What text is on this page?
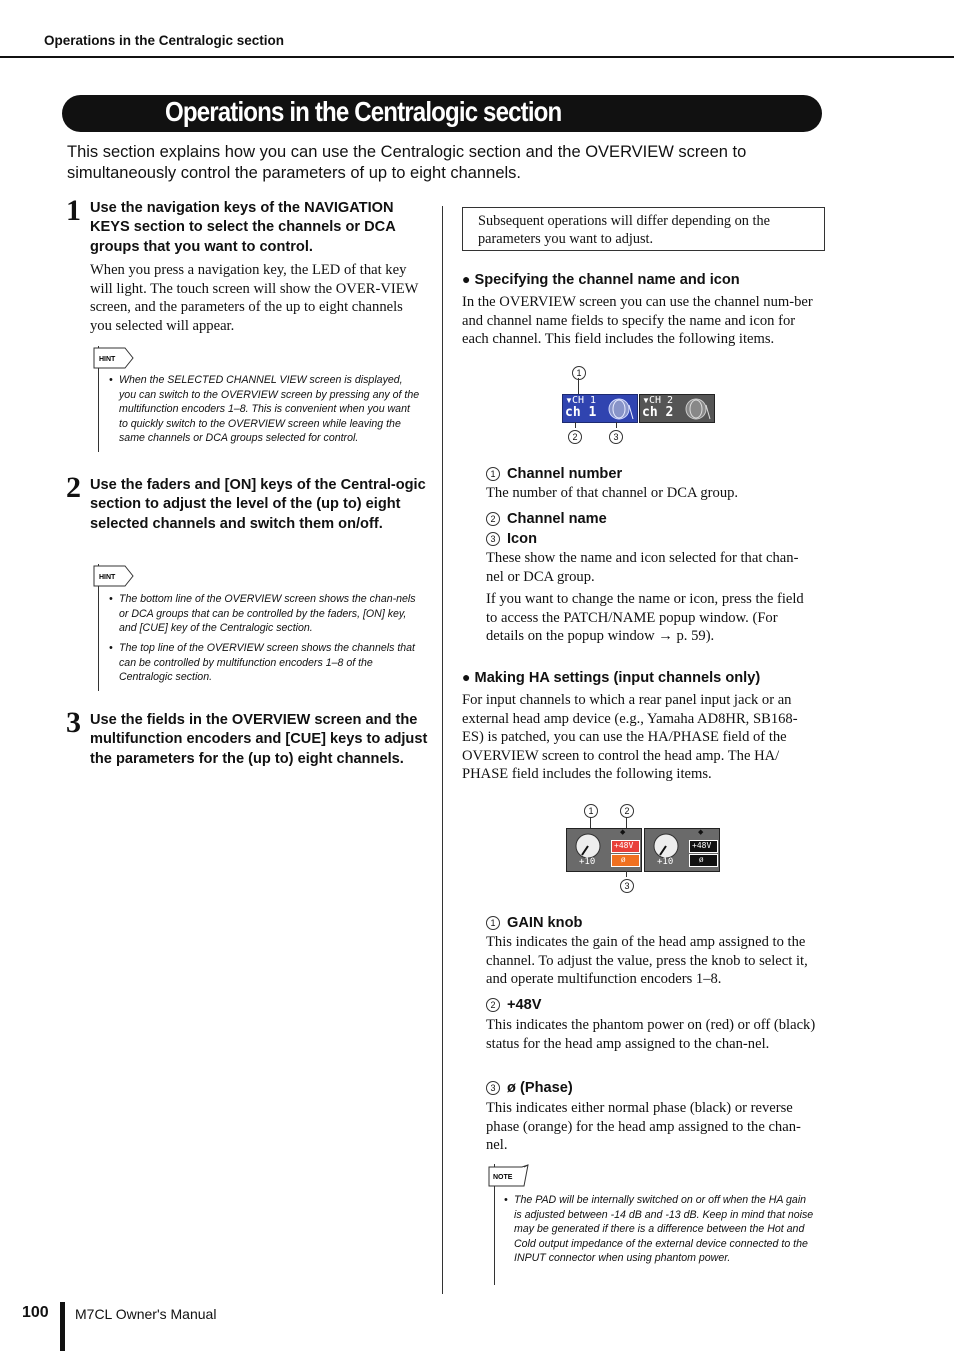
Operations in the Centralogic section
Operations in the Centralogic section
This section explains how you can use the Centralogic section and the OVERVIEW screen to simultaneously control the parameters of up to eight channels.
1 Use the navigation keys of the NAVIGATION KEYS section to select the channels or DCA groups that you want to control.
When you press a navigation key, the LED of that key will light. The touch screen will show the OVER-VIEW screen, and the parameters of the up to eight channels you selected will appear.
HINT
• When the SELECTED CHANNEL VIEW screen is displayed, you can switch to the OVERVIEW screen by pressing any of the multifunction encoders 1–8. This is convenient when you want to quickly switch to the OVERVIEW screen while leaving the same channels or DCA groups selected for control.
2 Use the faders and [ON] keys of the Central-ogic section to adjust the level of the (up to) eight selected channels and switch them on/off.
HINT
• The bottom line of the OVERVIEW screen shows the chan-nels or DCA groups that can be controlled by the faders, [ON] key, and [CUE] key of the Centralogic section.
• The top line of the OVERVIEW screen shows the channels that can be controlled by multifunction encoders 1–8 of the Centralogic section.
3 Use the fields in the OVERVIEW screen and the multifunction encoders and [CUE] keys to adjust the parameters for the (up to) eight channels.
Subsequent operations will differ depending on the parameters you want to adjust.
● Specifying the channel name and icon
In the OVERVIEW screen you can use the channel num-ber and channel name fields to specify the name and icon for each channel. This field includes the following items.
1
▼ CH 1
ch 1
▼ CH 2
ch 2
2	3
1 Channel number
The number of that channel or DCA group.
2 Channel name
3 Icon
These show the name and icon selected for that chan-nel or DCA group.
If you want to change the name or icon, press the field to access the PATCH/NAME popup window. (For details on the popup window → p. 59).
● Making HA settings (input channels only)
For input channels to which a rear panel input jack or an external head amp device (e.g., Yamaha AD8HR, SB168-ES) is patched, you can use the HA/PHASE field of the OVERVIEW screen to control the head amp. The HA/ PHASE field includes the following items.
1	2
+10
◆
+48V
ø	+10
◆
+48V
ø
3
1 GAIN knob
This indicates the gain of the head amp assigned to the channel. To adjust the value, press the knob to select it, and operate multifunction encoders 1–8.
2 +48V
This indicates the phantom power on (red) or off (black) status for the head amp assigned to the chan-nel.
3 ø (Phase)
This indicates either normal phase (black) or reverse phase (orange) for the head amp assigned to the chan-nel.
NOTE
• The PAD will be internally switched on or off when the HA gain is adjusted between -14 dB and -13 dB. Keep in mind that noise may be generated if there is a difference between the Hot and Cold output impedance of the external device connected to the INPUT connector when using phantom power.
100 M7CL Owner's Manual
